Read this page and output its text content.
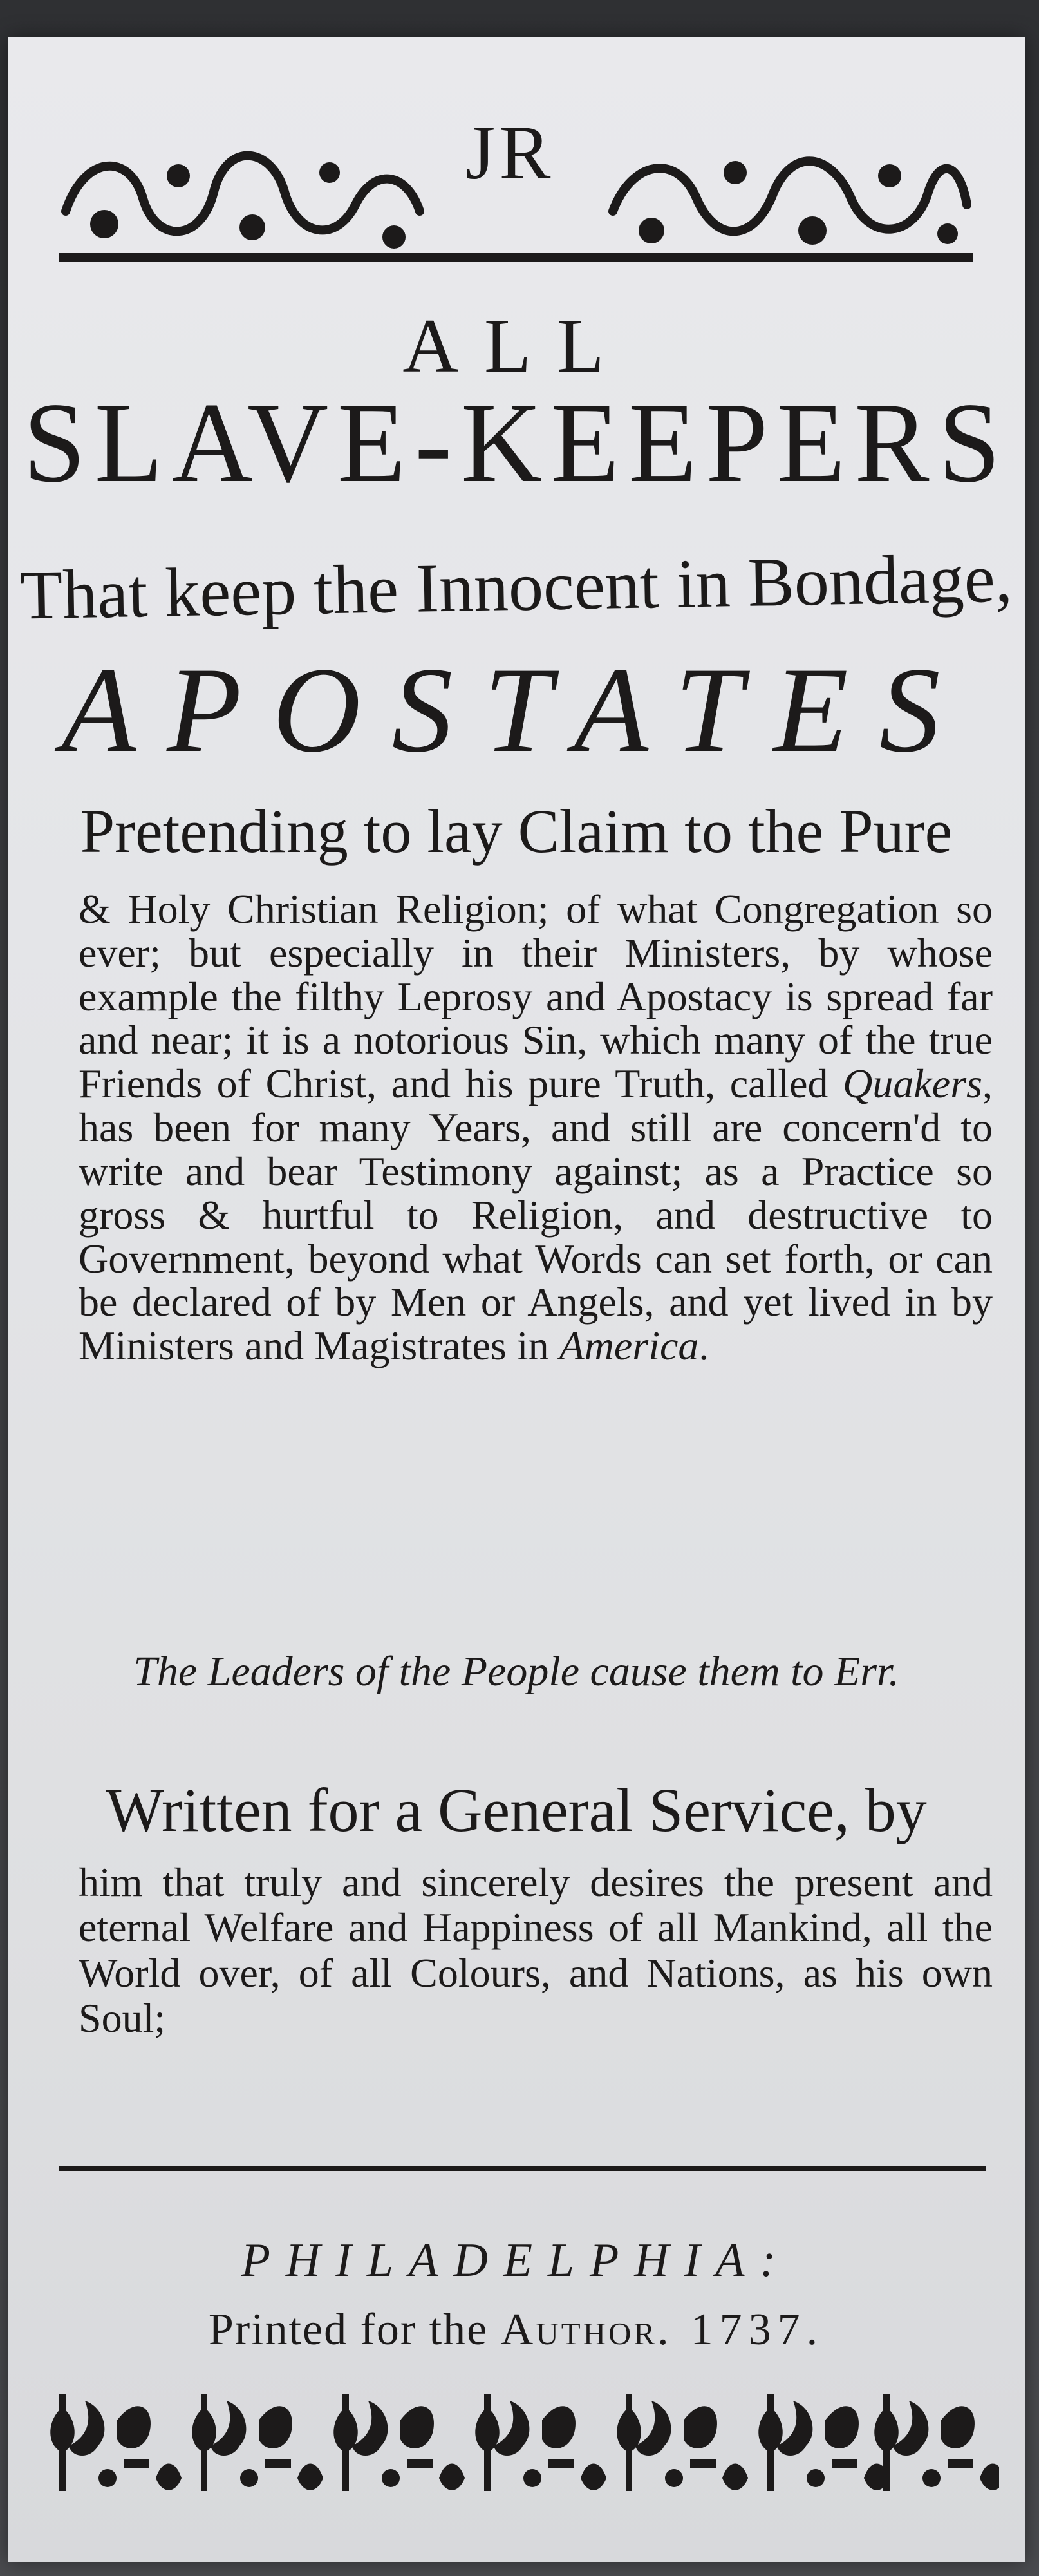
JR
ALL
SLAVE-KEEPERS
That keep the Innocent in Bondage,
APOSTATES
Pretending to lay Claim to the Pure
& Holy Christian Religion; of what Congregation so ever; but especially in their Ministers, by whose example the filthy Leprosy and Apostacy is spread far and near; it is a notorious Sin, which many of the true Friends of Christ, and his pure Truth, called Quakers, has been for many Years, and still are concern'd to write and bear Testimony against; as a Practice so gross & hurtful to Religion, and destructive to Government, beyond what Words can set forth, or can be declared of by Men or Angels, and yet lived in by Ministers and Magistrates in America.
The Leaders of the People cause them to Err.
Written for a General Service, by
him that truly and sincerely desires the present and eternal Welfare and Happiness of all Mankind, all the World over, of all Colours, and Nations, as his own Soul;
PHILADELPHIA:
Printed for the Author. 1737.
